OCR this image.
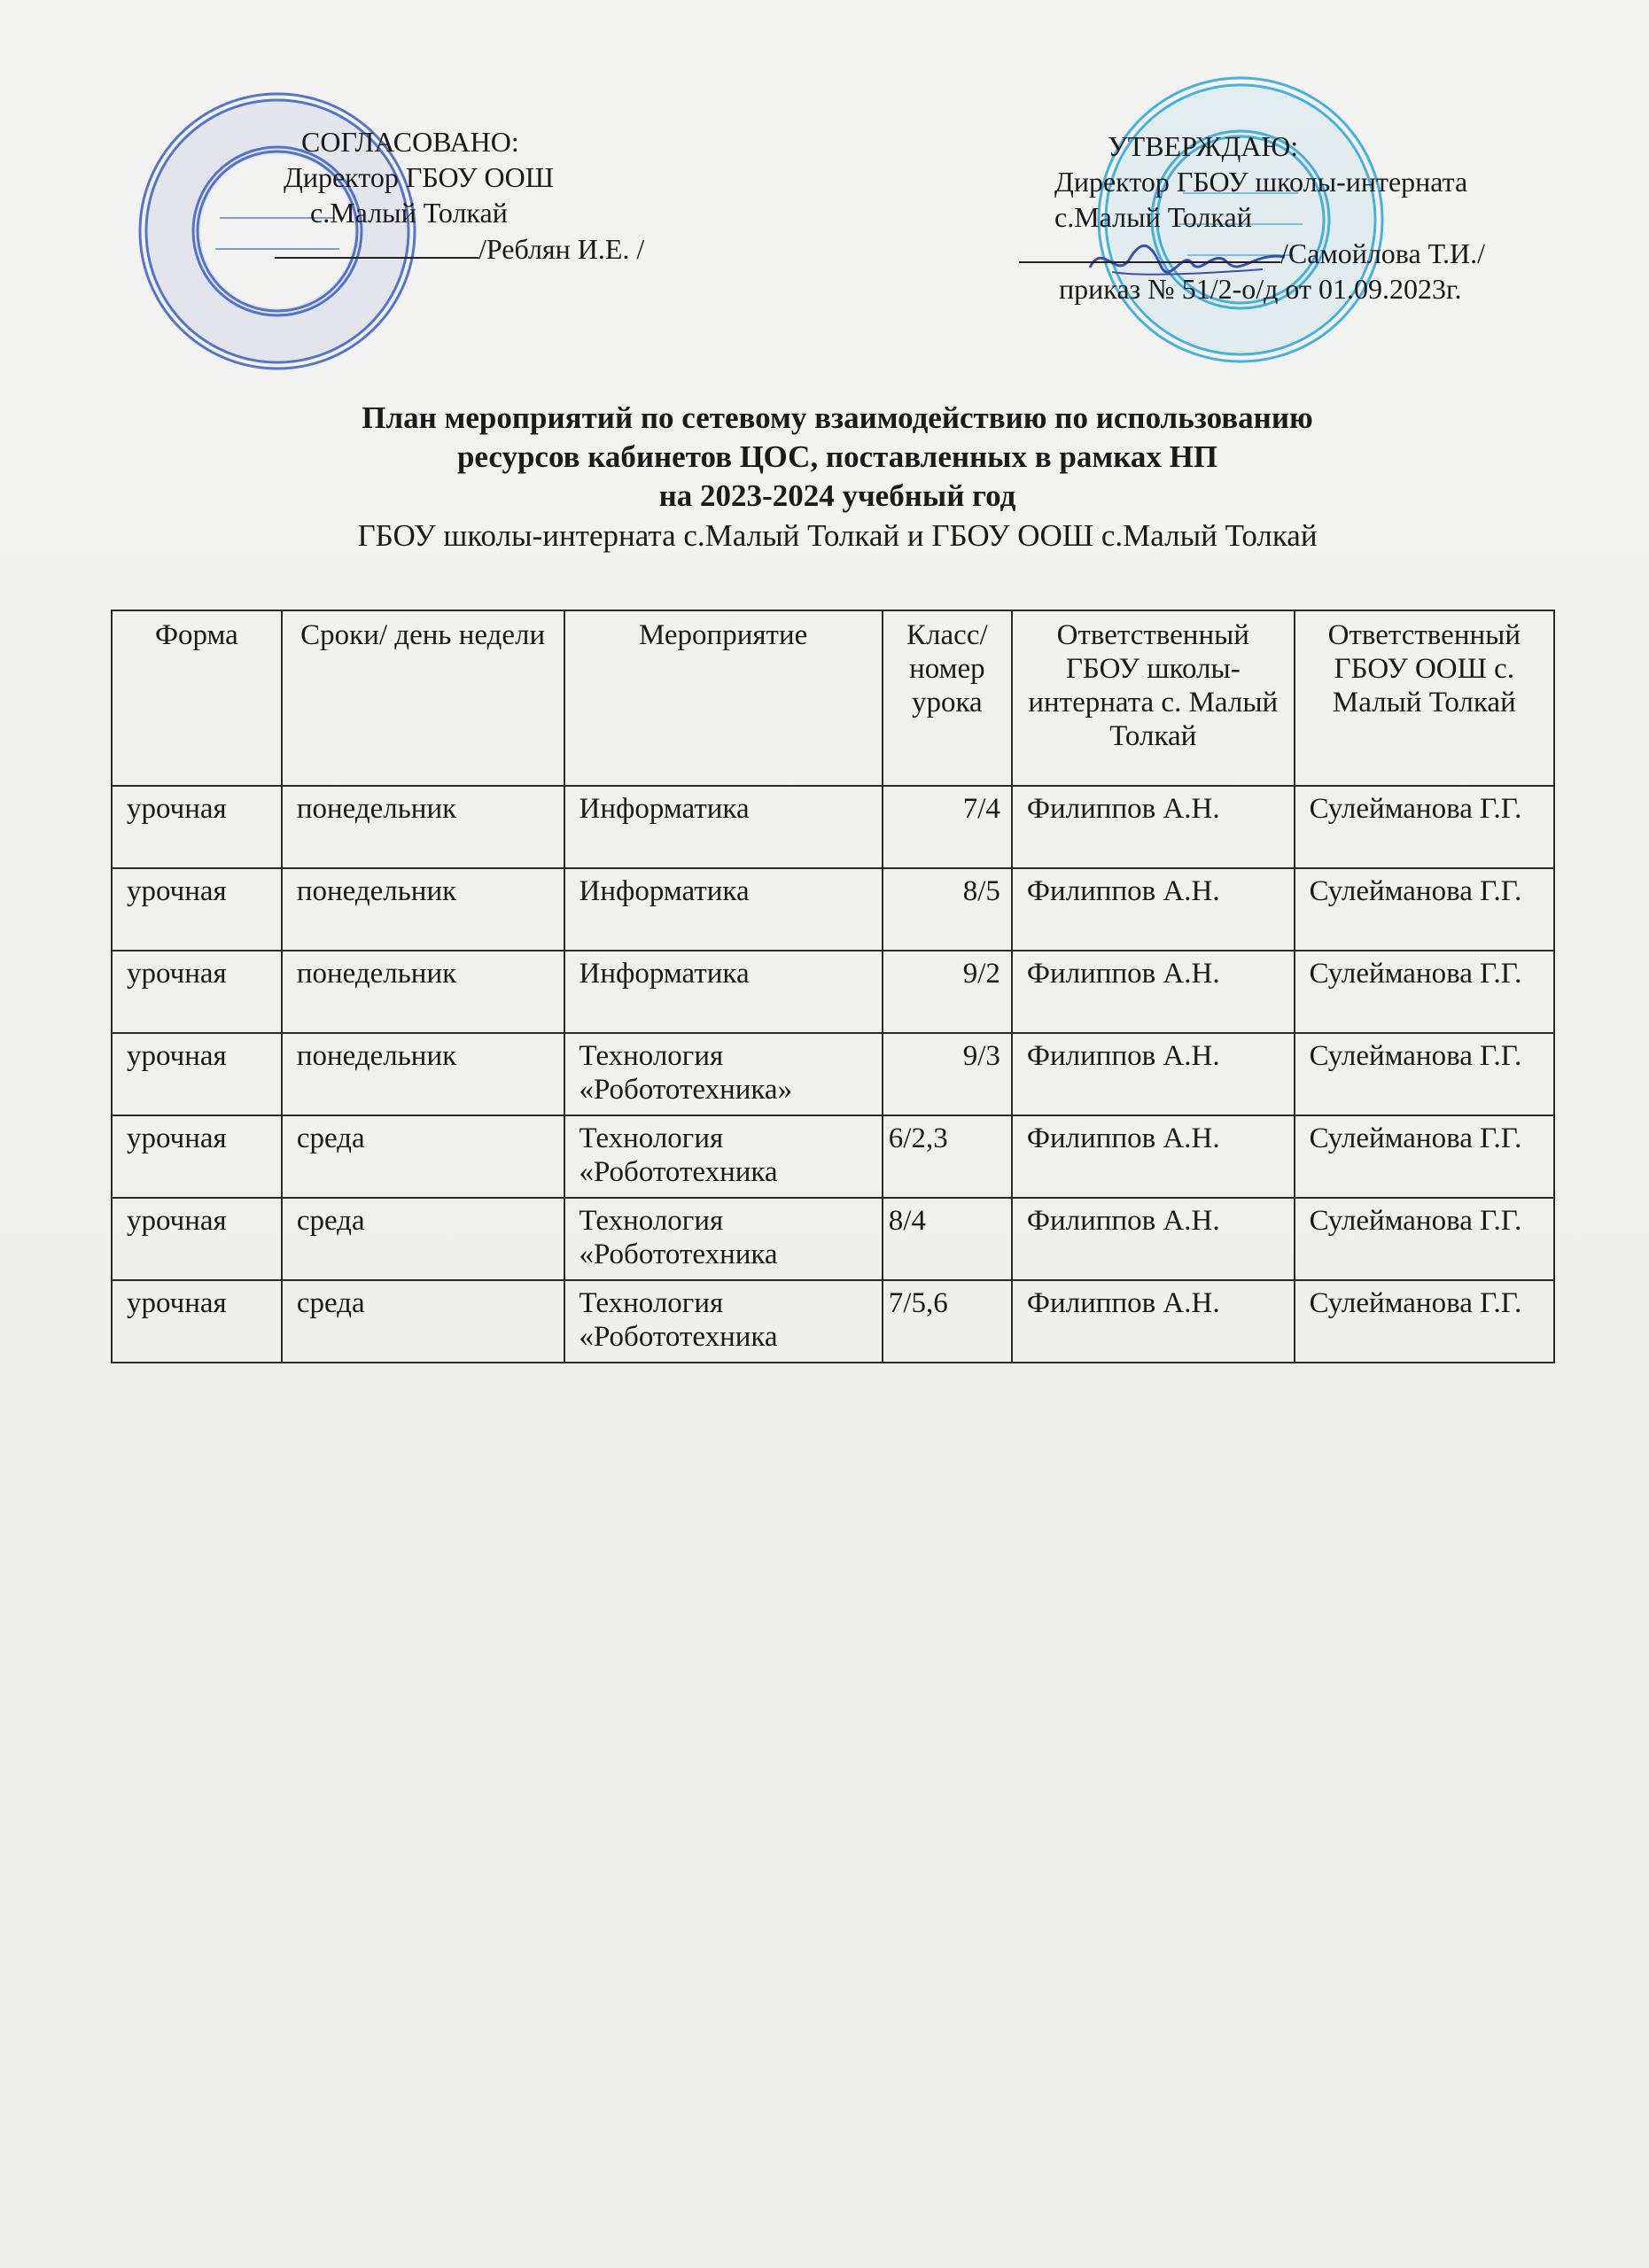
СОГЛАСОВАНО:
Директор ГБОУ ООШ
с.Малый Толкай
/Реблян И.Е. /
УТВЕРЖДАЮ:
Директор ГБОУ школы-интерната
с.Малый Толкай
/Самойлова Т.И./
приказ № 51/2-о/д от 01.09.2023г.
План мероприятий по сетевому взаимодействию по использованию
ресурсов кабинетов ЦОС, поставленных в рамках НП
на 2023-2024 учебный год
ГБОУ школы-интерната с.Малый Толкай и ГБОУ ООШ с.Малый Толкай
Форма	Сроки/ день недели	Мероприятие	Класс/ номер урока	Ответственный ГБОУ школы-интерната с. Малый Толкай	Ответственный ГБОУ ООШ с. Малый Толкай
урочная	понедельник	Информатика	7/4	Филиппов А.Н.	Сулейманова Г.Г.
урочная	понедельник	Информатика	8/5	Филиппов А.Н.	Сулейманова Г.Г.
урочная	понедельник	Информатика	9/2	Филиппов А.Н.	Сулейманова Г.Г.
урочная	понедельник	Технология «Робототехника»	9/3	Филиппов А.Н.	Сулейманова Г.Г.
урочная	среда	Технология «Робототехника	6/2,3	Филиппов А.Н.	Сулейманова Г.Г.
урочная	среда	Технология «Робототехника	8/4	Филиппов А.Н.	Сулейманова Г.Г.
урочная	среда	Технология «Робототехника	7/5,6	Филиппов А.Н.	Сулейманова Г.Г.
